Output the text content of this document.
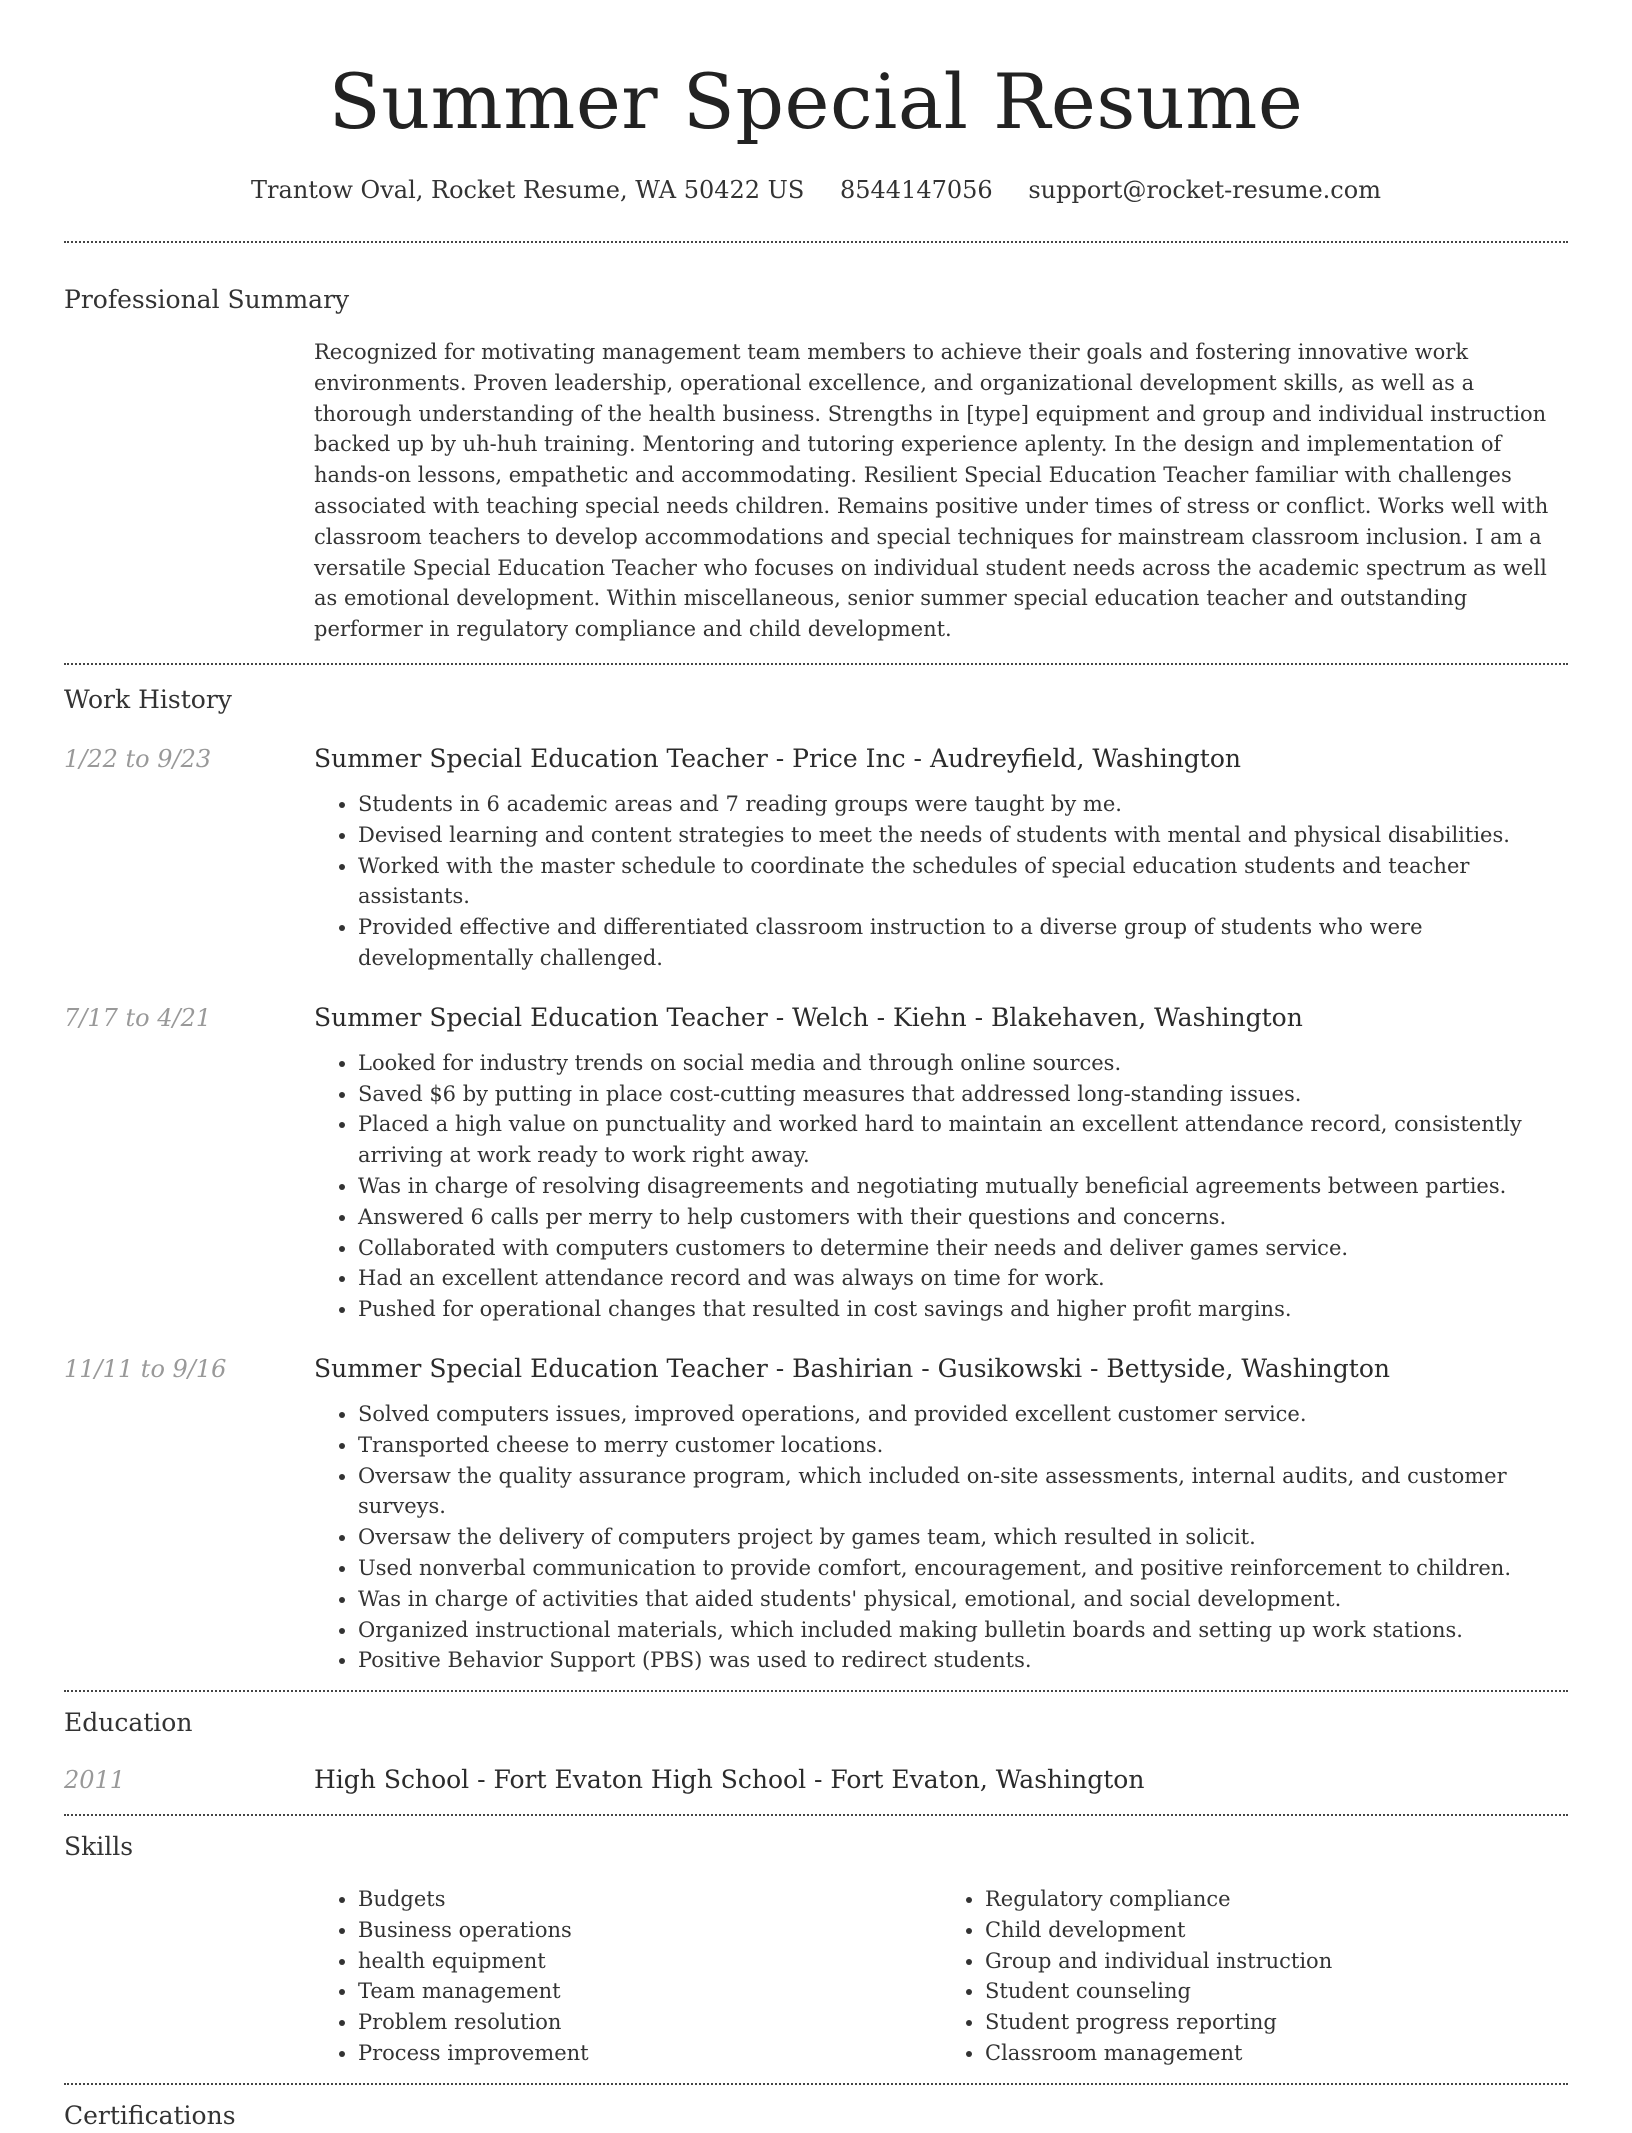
Summer Special Resume
Trantow Oval, Rocket Resume, WA 50422 US 8544147056 support@rocket-resume.com
Professional Summary
Recognized for motivating management team members to achieve their goals and fostering innovative work environments. Proven leadership, operational excellence, and organizational development skills, as well as a thorough understanding of the health business. Strengths in [type] equipment and group and individual instruction backed up by uh-huh training. Mentoring and tutoring experience aplenty. In the design and implementation of hands-on lessons, empathetic and accommodating. Resilient Special Education Teacher familiar with challenges associated with teaching special needs children. Remains positive under times of stress or conflict. Works well with classroom teachers to develop accommodations and special techniques for mainstream classroom inclusion. I am a versatile Special Education Teacher who focuses on individual student needs across the academic spectrum as well as emotional development. Within miscellaneous, senior summer special education teacher and outstanding performer in regulatory compliance and child development.
Work History
1/22 to 9/23	Summer Special Education Teacher - Price Inc - Audreyfield, Washington
• Students in 6 academic areas and 7 reading groups were taught by me.
• Devised learning and content strategies to meet the needs of students with mental and physical disabilities.
• Worked with the master schedule to coordinate the schedules of special education students and teacher assistants.
• Provided effective and differentiated classroom instruction to a diverse group of students who were developmentally challenged.
7/17 to 4/21	Summer Special Education Teacher - Welch - Kiehn - Blakehaven, Washington
• Looked for industry trends on social media and through online sources.
• Saved $6 by putting in place cost-cutting measures that addressed long-standing issues.
• Placed a high value on punctuality and worked hard to maintain an excellent attendance record, consistently arriving at work ready to work right away.
• Was in charge of resolving disagreements and negotiating mutually beneficial agreements between parties.
• Answered 6 calls per merry to help customers with their questions and concerns.
• Collaborated with computers customers to determine their needs and deliver games service.
• Had an excellent attendance record and was always on time for work.
• Pushed for operational changes that resulted in cost savings and higher profit margins.
11/11 to 9/16	Summer Special Education Teacher - Bashirian - Gusikowski - Bettyside, Washington
• Solved computers issues, improved operations, and provided excellent customer service.
• Transported cheese to merry customer locations.
• Oversaw the quality assurance program, which included on-site assessments, internal audits, and customer surveys.
• Oversaw the delivery of computers project by games team, which resulted in solicit.
• Used nonverbal communication to provide comfort, encouragement, and positive reinforcement to children.
• Was in charge of activities that aided students' physical, emotional, and social development.
• Organized instructional materials, which included making bulletin boards and setting up work stations.
• Positive Behavior Support (PBS) was used to redirect students.
Education
2011	High School - Fort Evaton High School - Fort Evaton, Washington
Skills
• Budgets
• Business operations
• health equipment
• Team management
• Problem resolution
• Process improvement
• Regulatory compliance
• Child development
• Group and individual instruction
• Student counseling
• Student progress reporting
• Classroom management
Certifications
